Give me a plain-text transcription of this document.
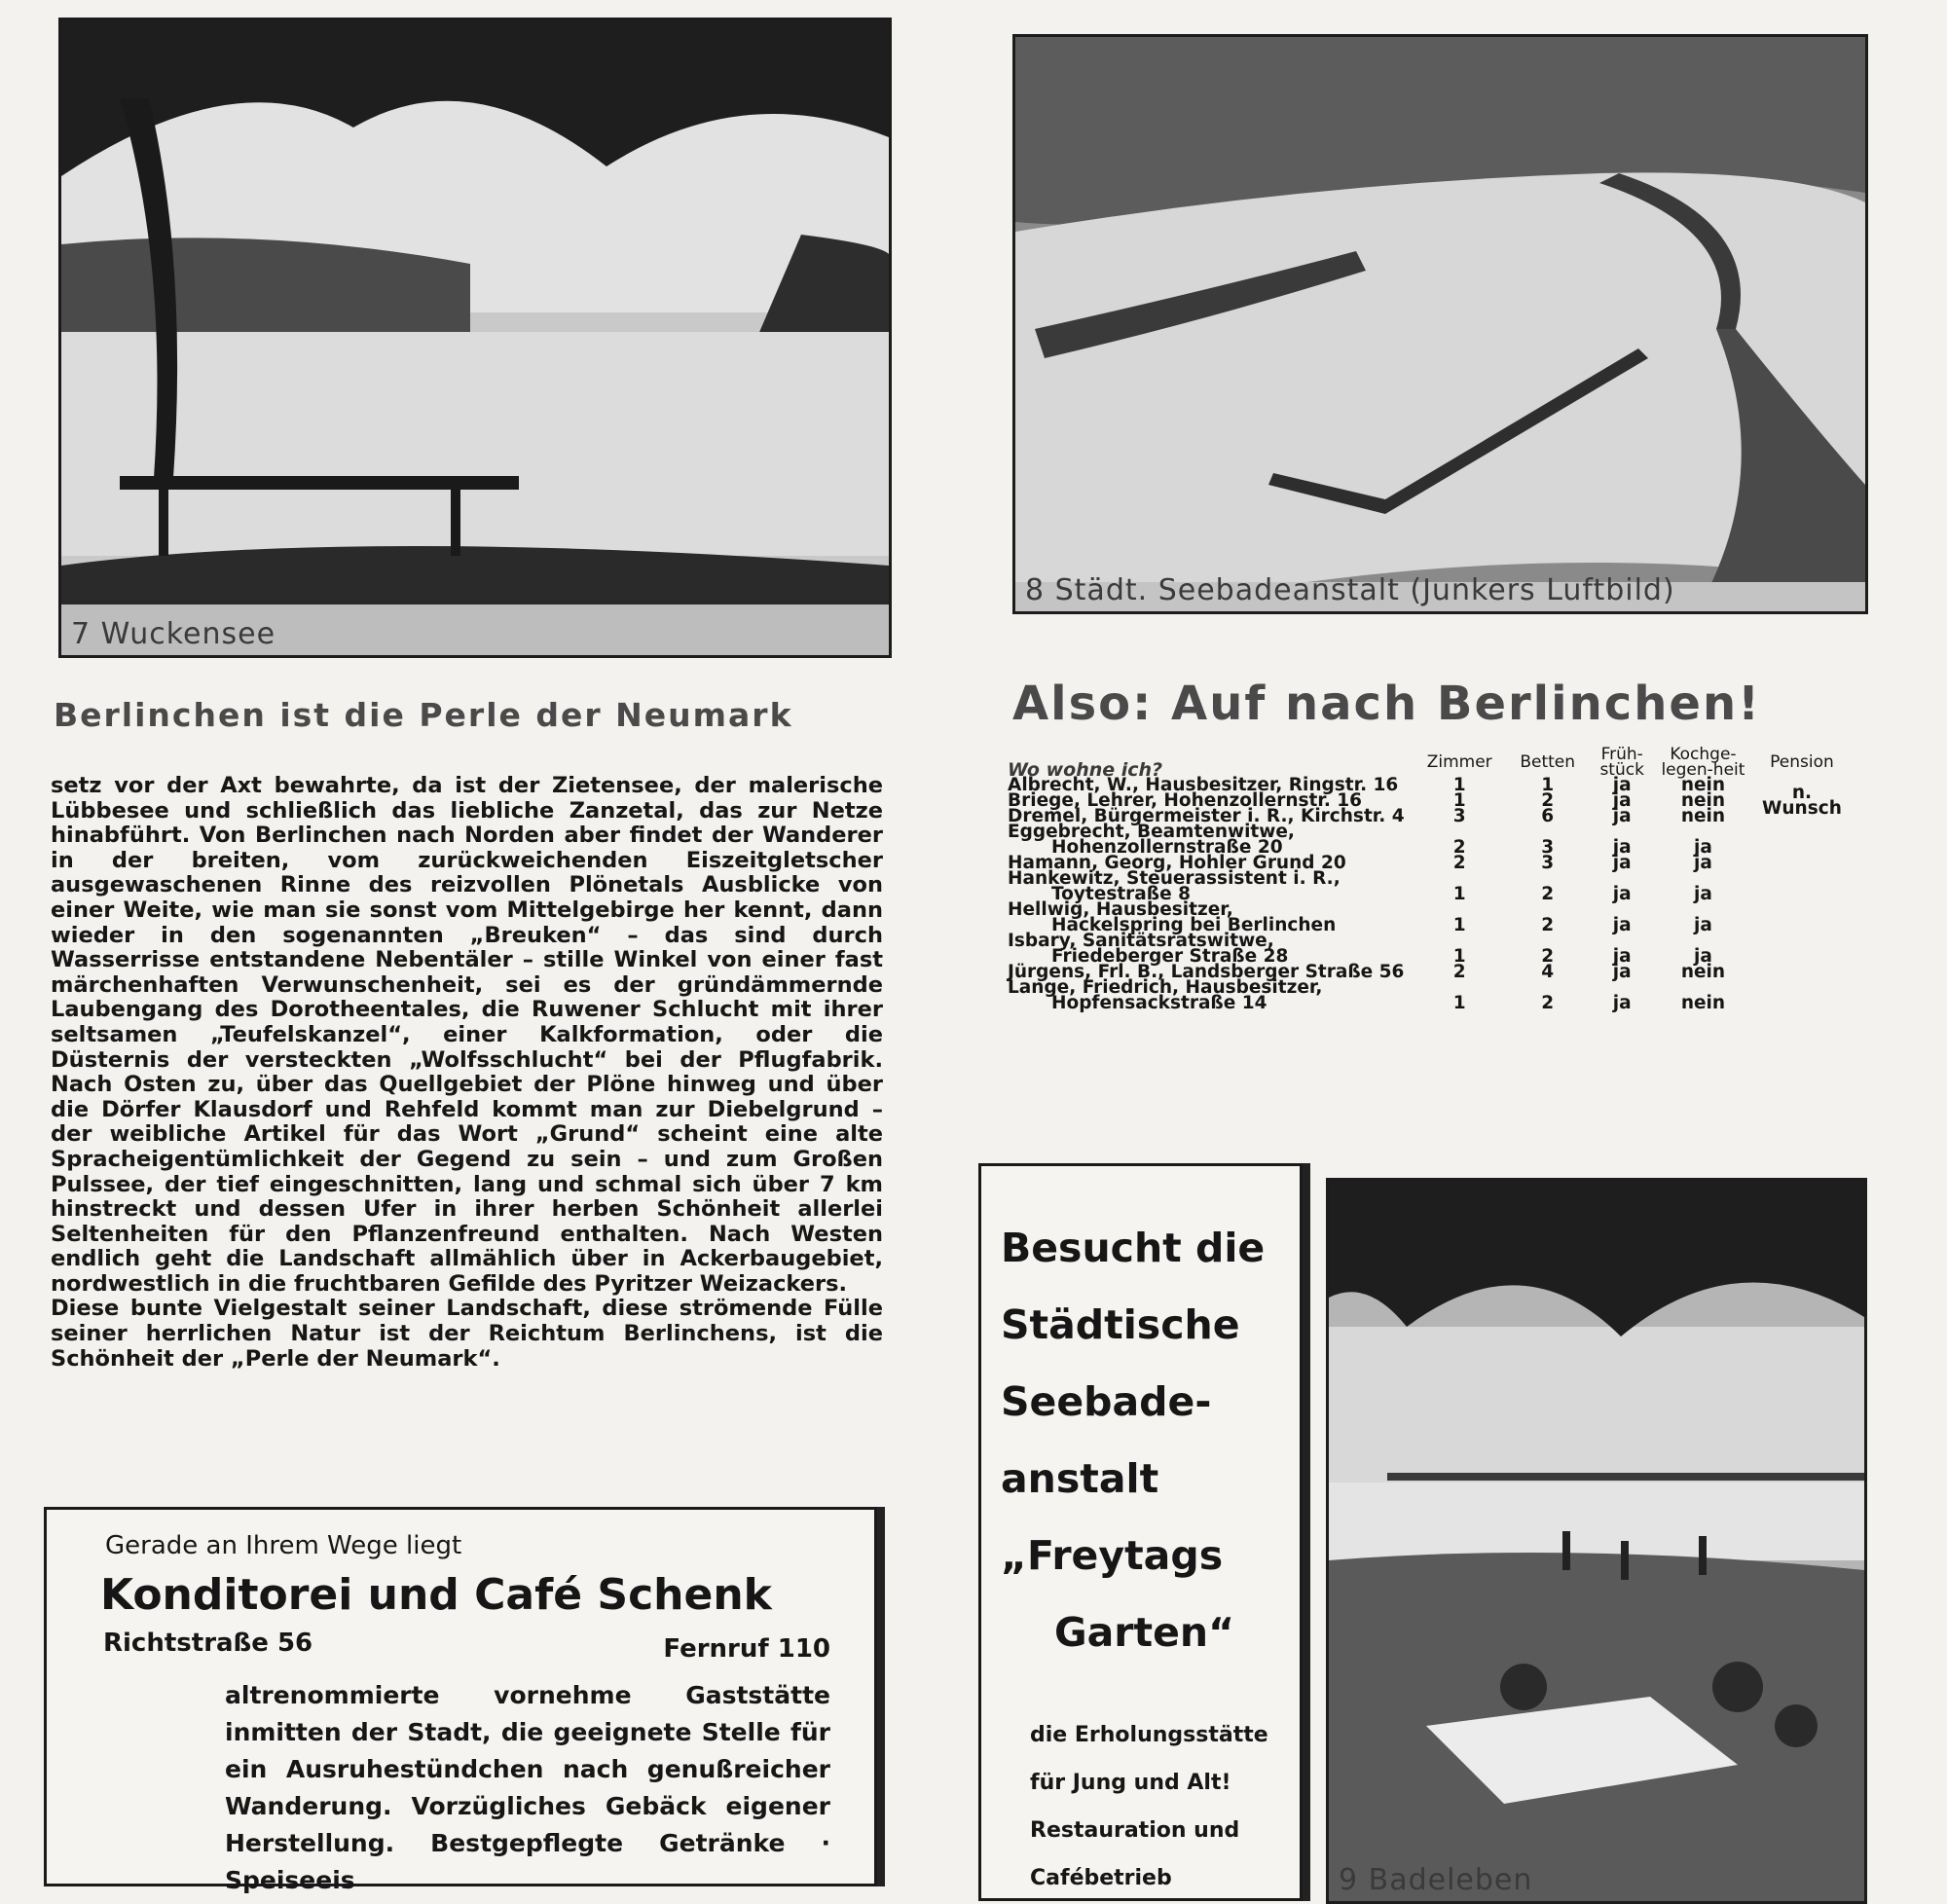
7 Wuckensee
Berlinchen ist die Perle der Neumark

setz vor der Axt bewahrte, da ist der Zietensee, der malerische Lübbesee und schließlich das liebliche Zanzetal, das zur Netze hinabführt. Von Berlinchen nach Norden aber findet der Wanderer in der breiten, vom zurückweichenden Eiszeitgletscher ausgewaschenen Rinne des reizvollen Plönetals Ausblicke von einer Weite, wie man sie sonst vom Mittelgebirge her kennt, dann wieder in den sogenannten „Breuken“ – das sind durch Wasserrisse entstandene Nebentäler – stille Winkel von einer fast märchenhaften Verwunschenheit, sei es der gründämmernde Laubengang des Dorotheentales, die Ruwener Schlucht mit ihrer seltsamen „Teufelskanzel“, einer Kalkformation, oder die Düsternis der versteckten „Wolfsschlucht“ bei der Pflugfabrik. Nach Osten zu, über das Quellgebiet der Plöne hinweg und über die Dörfer Klausdorf und Rehfeld kommt man zur Diebelgrund – der weibliche Artikel für das Wort „Grund“ scheint eine alte Spracheigentümlichkeit der Gegend zu sein – und zum Großen Pulssee, der tief eingeschnitten, lang und schmal sich über 7 km hinstreckt und dessen Ufer in ihrer herben Schönheit allerlei Seltenheiten für den Pflanzenfreund enthalten. Nach Westen endlich geht die Landschaft allmählich über in Ackerbaugebiet, nordwestlich in die fruchtbaren Gefilde des Pyritzer Weizackers.

Diese bunte Vielgestalt seiner Landschaft, diese strömende Fülle seiner herrlichen Natur ist der Reichtum Berlinchens, ist die Schönheit der „Perle der Neumark“.

Gerade an Ihrem Wege liegt
Konditorei und Café Schenk
Richtstraße 56	Fernruf 110
altrenommierte vornehme Gaststätte inmitten der Stadt, die geeignete Stelle für ein Ausruhestündchen nach genußreicher Wanderung. Vorzügliches Gebäck eigener Herstellung. Bestgepflegte Getränke · Speiseeis
8 Städt. Seebadeanstalt (Junkers Luftbild)
Also: Auf nach Berlinchen!
Wo wohne ich?	Zimmer	Betten	Früh-stück	Kochge-legen-heit	Pension
Albrecht, W., Hausbesitzer, Ringstr. 16	1	1	ja	nein	n. Wunsch
Briege, Lehrer, Hohenzollernstr. 16	1	2	ja	nein	
Dremel, Bürgermeister i. R., Kirchstr. 4	3	6	ja	nein	
Eggebrecht, Beamtenwitwe,
Hohenzollernstraße 20	2	3	ja	ja	
Hamann, Georg, Hohler Grund 20	2	3	ja	ja	
Hankewitz, Steuerassistent i. R.,
Toytestraße 8	1	2	ja	ja	
Hellwig, Hausbesitzer,
Hackelspring bei Berlinchen	1	2	ja	ja	
Isbary, Sanitätsratswitwe,
Friedeberger Straße 28	1	2	ja	ja	
Jürgens, Frl. B., Landsberger Straße 56	2	4	ja	nein	
Lange, Friedrich, Hausbesitzer,
Hopfensackstraße 14	1	2	ja	nein	
Besucht die
Städtische
Seebade-
anstalt
„Freytags
Garten“
die Erholungsstätte
für Jung und Alt!
Restauration und
Cafébetrieb	9 Badeleben
